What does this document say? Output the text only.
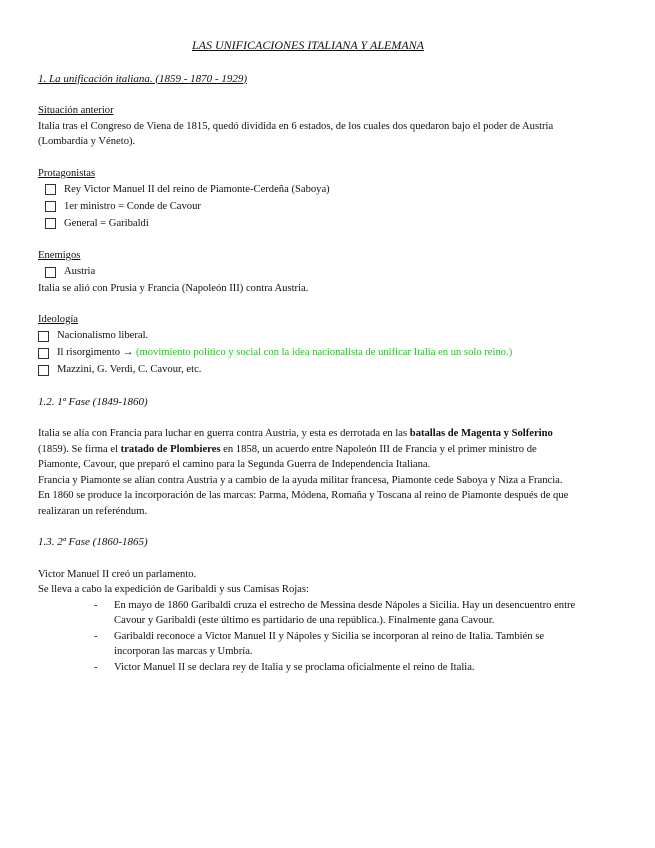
LAS UNIFICACIONES ITALIANA Y ALEMANA
1. La unificación italiana. (1859 - 1870 - 1929)
Situación anterior

Italia tras el Congreso de Viena de 1815, quedó dividida en 6 estados, de los cuales dos quedaron bajo el poder de Austria (Lombardía y Véneto).

Protagonistas
Rey Victor Manuel II del reino de Piamonte-Cerdeña (Saboya)
1er ministro = Conde de Cavour
General = Garibaldi
Enemigos
Austria

Italia se alió con Prusia y Francia (Napoleón III) contra Austria.

Ideología
Nacionalismo liberal.
Il risorgimento →
(movimiento político y social con la idea nacionalista de unificar Italia en un solo reino.)
Mazzini, G. Verdi, C. Cavour, etc.
1.2. 1ª Fase (1849-1860)

Italia se alía con Francia para luchar en guerra contra Austria, y esta es derrotada en las batallas de Magenta y Solferino (1859). Se firma el tratado de Plombieres en 1858, un acuerdo entre Napoleón III de Francia y el primer ministro de Piamonte, Cavour, que preparó el camino para la Segunda Guerra de Independencia Italiana.

Francia y Piamonte se alían contra Austria y a cambio de la ayuda militar francesa, Piamonte cede Saboya y Niza a Francia.

En 1860 se produce la incorporación de las marcas: Parma, Módena, Romaña y Toscana al reino de Piamonte después de que realizaran un referéndum.

1.3. 2ª Fase (1860-1865)

Victor Manuel II creó un parlamento.

Se lleva a cabo la expedición de Garibaldi y sus Camisas Rojas:

- En mayo de 1860 Garibaldi cruza el estrecho de Messina desde Nápoles a Sicilia. Hay un desencuentro entre Cavour y Garibaldi (este último es partidario de una república.). Finalmente gana Cavour.
- Garibaldi reconoce a Victor Manuel II y Nápoles y Sicilia se incorporan al reino de Italia. También se incorporan las marcas y Umbría.
- Victor Manuel II se declara rey de Italia y se proclama oficialmente el reino de Italia.
